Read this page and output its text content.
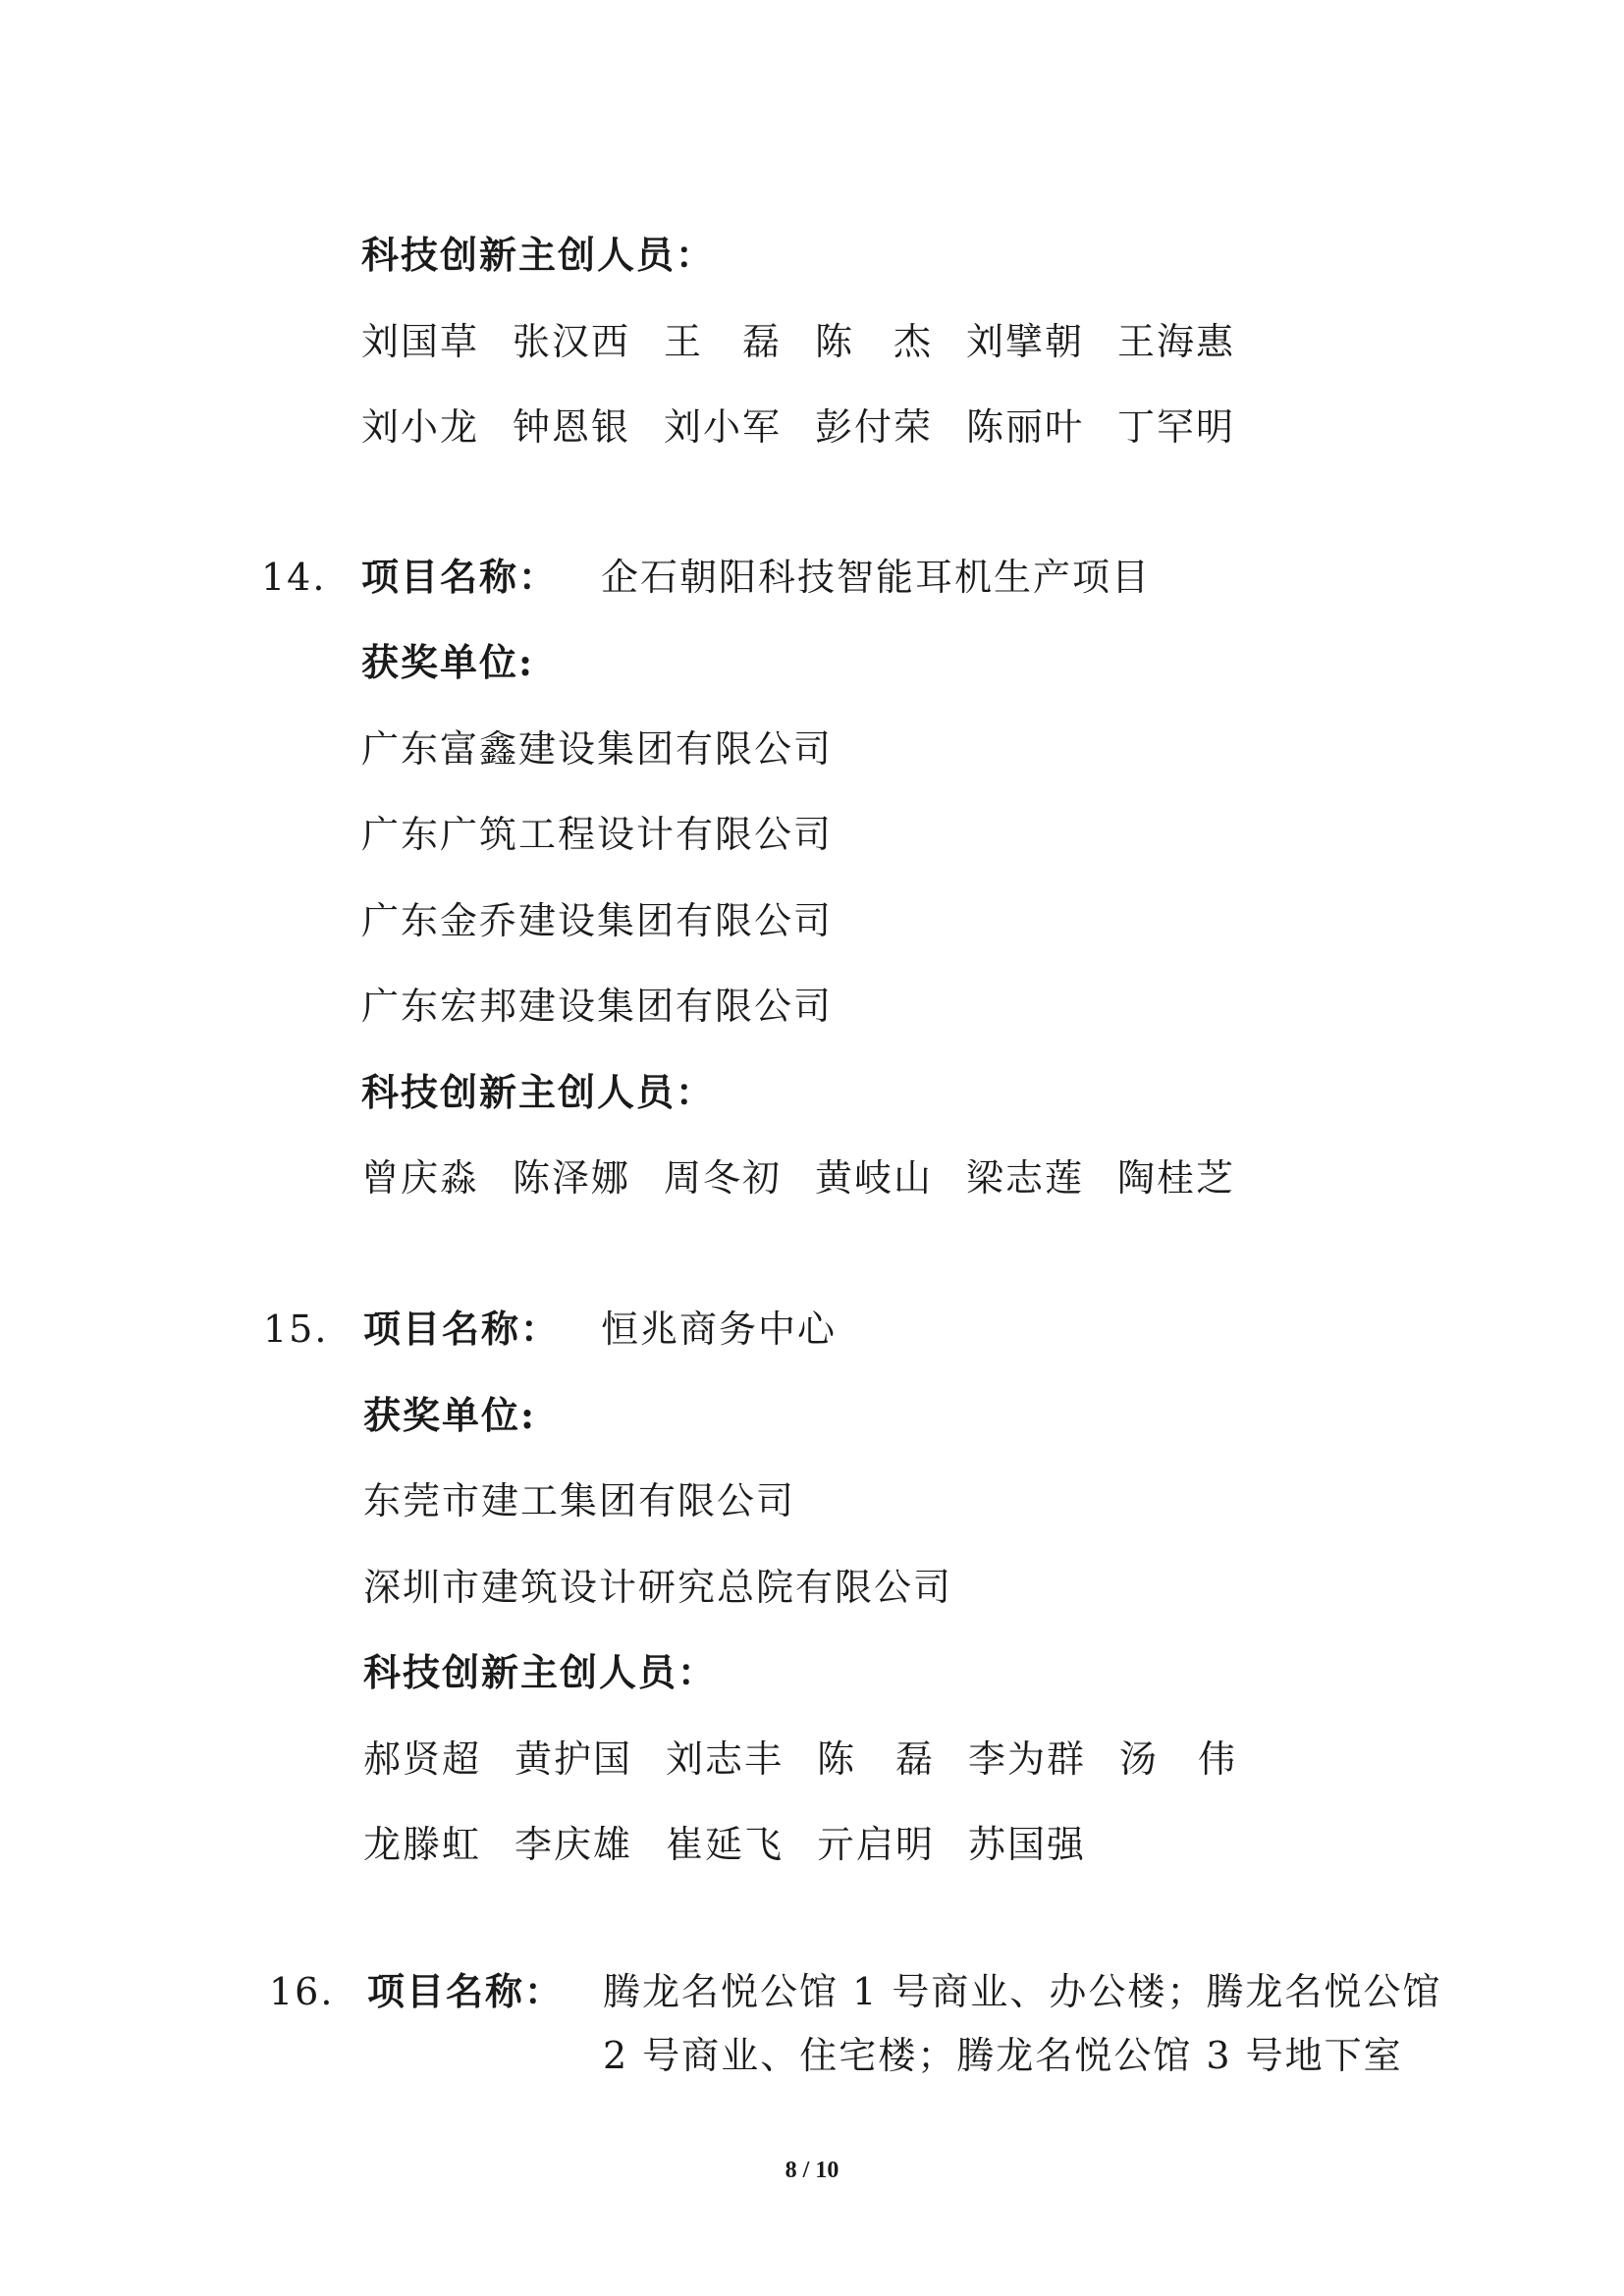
科技创新主创人员：
刘国草 张汉西 王　磊 陈　杰 刘擘朝 王海惠
刘小龙 钟恩银 刘小军 彭付荣 陈丽叶 丁罕明
14. 项目名称： 企石朝阳科技智能耳机生产项目
获奖单位:
广东富鑫建设集团有限公司
广东广筑工程设计有限公司
广东金乔建设集团有限公司
广东宏邦建设集团有限公司
科技创新主创人员：
曾庆淼 陈泽娜 周冬初 黄岐山 梁志莲 陶桂芝
15. 项目名称： 恒兆商务中心
获奖单位:
东莞市建工集团有限公司
深圳市建筑设计研究总院有限公司
科技创新主创人员：
郝贤超 黄护国 刘志丰 陈　磊 李为群 汤　伟
龙滕虹 李庆雄 崔延飞 亓启明 苏国强
16. 项目名称： 腾龙名悦公馆 1 号商业、办公楼；腾龙名悦公馆
2 号商业、住宅楼；腾龙名悦公馆 3 号地下室
8 / 10
